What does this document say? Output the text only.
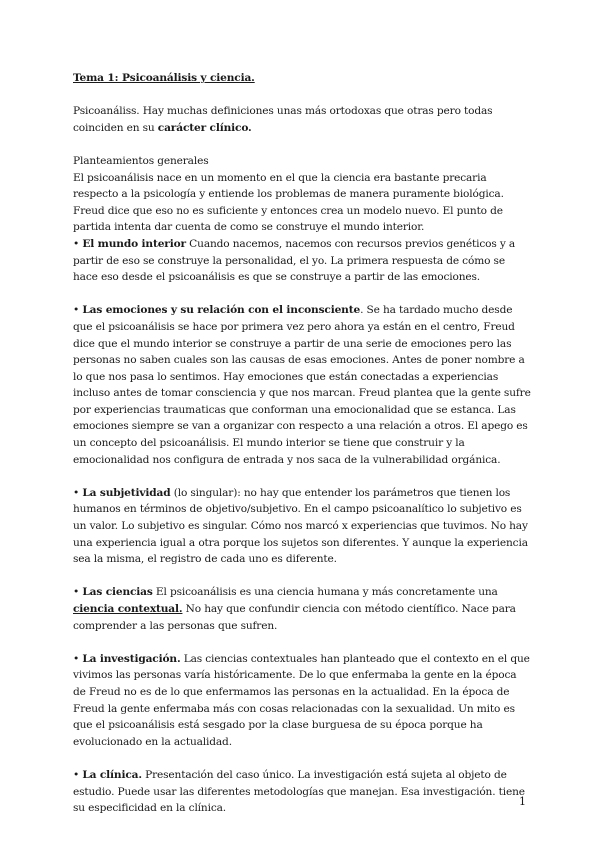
Tema 1: Psicoanálisis y ciencia.

Psicoanáliss. Hay muchas definiciones unas más ortodoxas que otras pero todas coinciden en su carácter clínico.

Planteamientos generales

El psicoanálisis nace en un momento en el que la ciencia era bastante precaria respecto a la psicología y entiende los problemas de manera puramente biológica. Freud dice que eso no es suficiente y entonces crea un modelo nuevo. El punto de partida intenta dar cuenta de como se construye el mundo interior.

• El mundo interior Cuando nacemos, nacemos con recursos previos genéticos y a partir de eso se construye la personalidad, el yo. La primera respuesta de cómo se hace eso desde el psicoanálisis es que se construye a partir de las emociones.

• Las emociones y su relación con el inconsciente. Se ha tardado mucho desde que el psicoanálisis se hace por primera vez pero ahora ya están en el centro, Freud dice que el mundo interior se construye a partir de una serie de emociones pero las personas no saben cuales son las causas de esas emociones. Antes de poner nombre a lo que nos pasa lo sentimos. Hay emociones que están conectadas a experiencias incluso antes de tomar consciencia y que nos marcan. Freud plantea que la gente sufre por experiencias traumaticas que conforman una emocionalidad que se estanca. Las emociones siempre se van a organizar con respecto a una relación a otros. El apego es un concepto del psicoanálisis. El mundo interior se tiene que construir y la emocionalidad nos configura de entrada y nos saca de la vulnerabilidad orgánica.

• La subjetividad (lo singular): no hay que entender los parámetros que tienen los humanos en términos de objetivo/subjetivo. En el campo psicoanalítico lo subjetivo es un valor. Lo subjetivo es singular. Cómo nos marcó x experiencias que tuvimos. No hay una experiencia igual a otra porque los sujetos son diferentes. Y aunque la experiencia sea la misma, el registro de cada uno es diferente.

• Las ciencias El psicoanálisis es una ciencia humana y más concretamente una ciencia contextual. No hay que confundir ciencia con método científico. Nace para comprender a las personas que sufren.

• La investigación. Las ciencias contextuales han planteado que el contexto en el que vivimos las personas varía históricamente. De lo que enfermaba la gente en la época de Freud no es de lo que enfermamos las personas en la actualidad. En la época de Freud la gente enfermaba más con cosas relacionadas con la sexualidad. Un mito es que el psicoanálisis está sesgado por la clase burguesa de su época porque ha evolucionado en la actualidad.

• La clínica. Presentación del caso único. La investigación está sujeta al objeto de estudio. Puede usar las diferentes metodologías que manejan. Esa investigación. tiene su especificidad en la clínica.

1
